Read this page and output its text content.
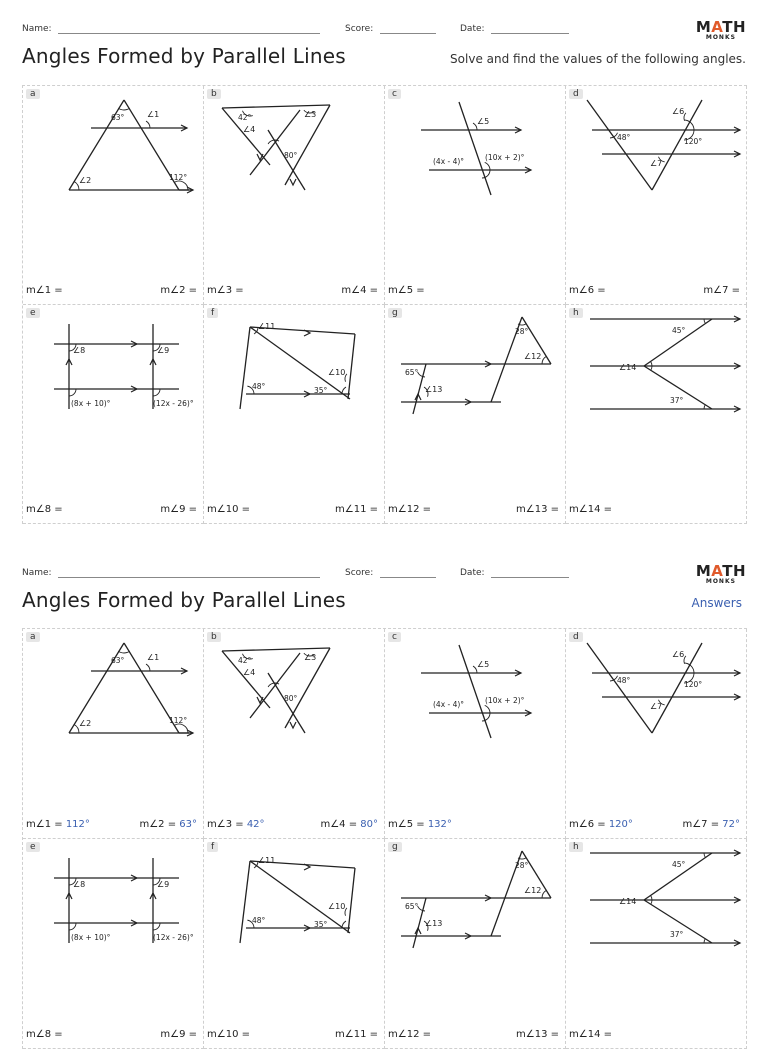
Name:	Score:	Date:	MATH
MONKS
Angles Formed by Parallel Lines	Solve and find the values of the following angles.
a
63°	∠1
∠2	112°
m∠1 =	m∠2 =
b
42°	∠3
∠4
80°
m∠3 =	m∠4 =
c
∠5
(4x - 4)°	(10x + 2)°
m∠5 =
d
48°
∠6
120°
∠7
m∠6 =	m∠7 =
e
∠8	∠9
(8x + 10)°	(12x - 26)°
m∠8 =	m∠9 =
f
∠11
48°
∠10
35°
m∠10 =	m∠11 =
g
28°
∠12
65°
∠13
m∠12 =	m∠13 =
h
45°
∠14
37°
m∠14 =
Name:	Score:	Date:	MATH
MONKS
Angles Formed by Parallel Lines	Answers
a
63°	∠1
∠2	112°
m∠1 = 112°	m∠2 = 63°
b
42°	∠3
∠4
80°
m∠3 = 42°	m∠4 = 80°
c
∠5
(4x - 4)°	(10x + 2)°
m∠5 = 132°
d
48°
∠6
120°
∠7
m∠6 = 120°	m∠7 = 72°
e
∠8	∠9
(8x + 10)°	(12x - 26)°
m∠8 =	m∠9 =
f
∠11
48°
∠10
35°
m∠10 =	m∠11 =
g
28°
∠12
65°
∠13
m∠12 =	m∠13 =
h
45°
∠14
37°
m∠14 =
